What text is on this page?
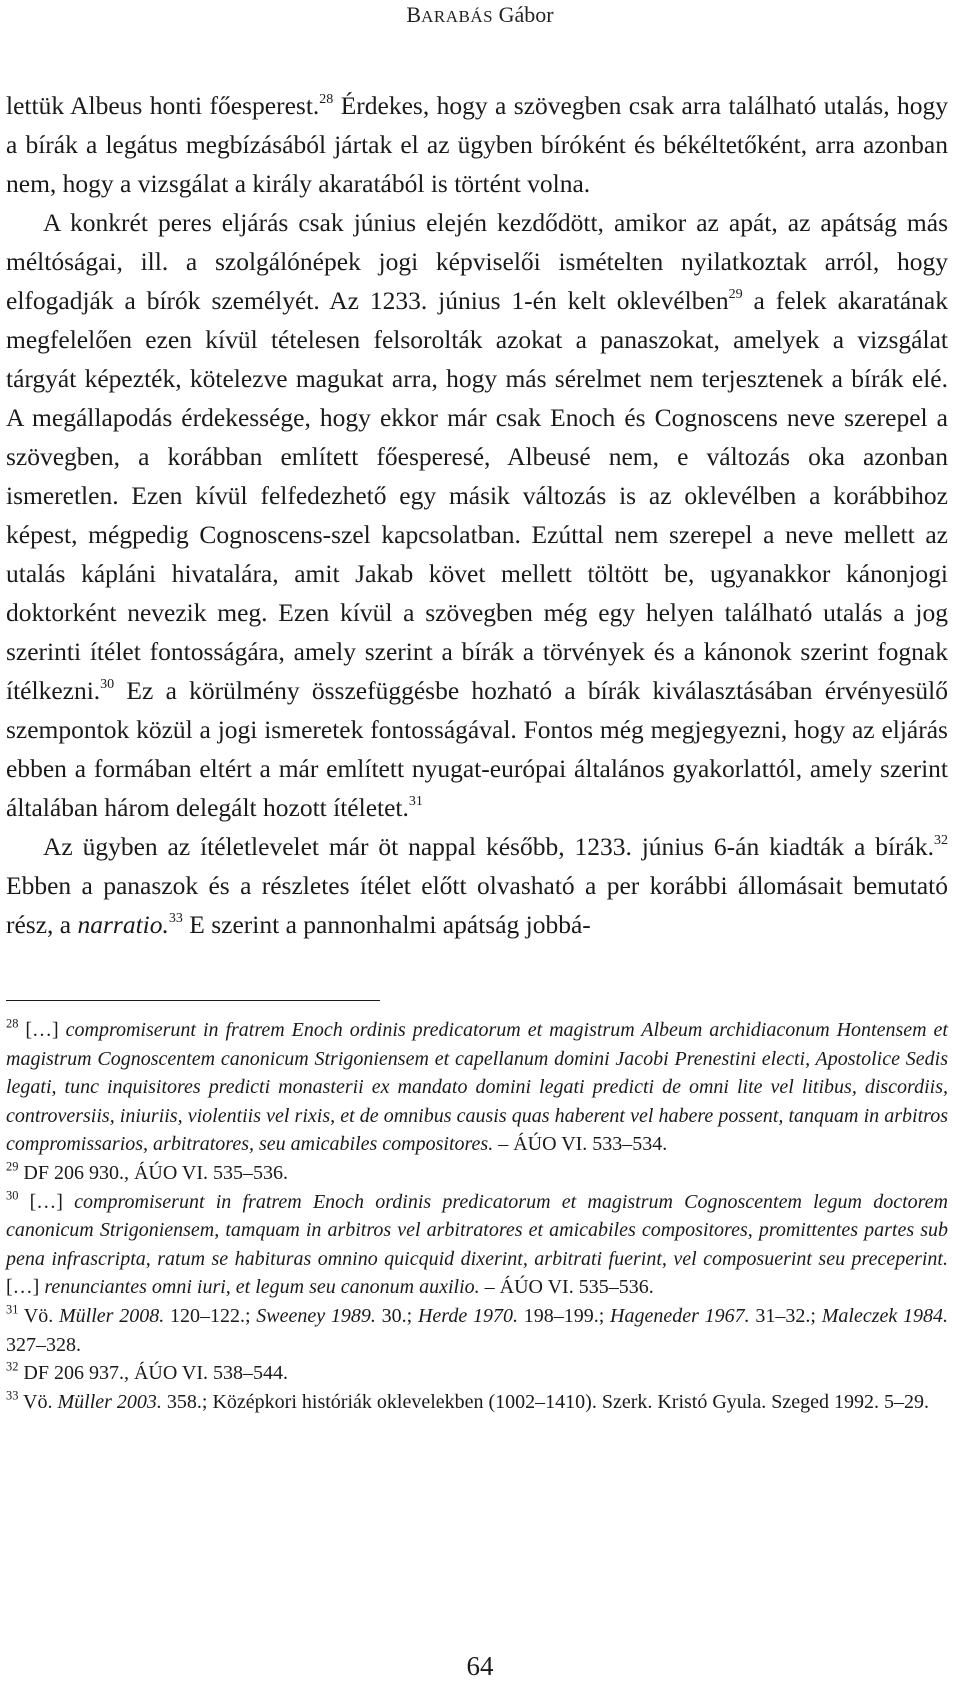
BARABÁS Gábor

lettük Albeus honti főesperest.$^{28}$ Érdekes, hogy a szövegben csak arra található utalás, hogy a bírák a legátus megbízásából jártak el az ügyben bíróként és békéltetőként, arra azonban nem, hogy a vizsgálat a király akaratából is történt volna.

A konkrét peres eljárás csak június elején kezdődött, amikor az apát, az apátság más méltóságai, ill. a szolgálónépek jogi képviselői ismételten nyilatkoztak arról, hogy elfogadják a bírók személyét. Az 1233. június 1-én kelt oklevélben$^{29}$ a felek akaratának megfelelően ezen kívül tételesen felsorolták azokat a panaszokat, amelyek a vizsgálat tárgyát képezték, kötelezve magukat arra, hogy más sérelmet nem terjesztenek a bírák elé. A megállapodás érdekessége, hogy ekkor már csak Enoch és Cognoscens neve szerepel a szövegben, a korábban említett főesperesé, Albeusé nem, e változás oka azonban ismeretlen. Ezen kívül felfedezhető egy másik változás is az oklevélben a korábbihoz képest, mégpedig Cognoscens-szel kapcsolatban. Ezúttal nem szerepel a neve mellett az utalás kápláni hivatalára, amit Jakab követ mellett töltött be, ugyanakkor kánonjogi doktorként nevezik meg. Ezen kívül a szövegben még egy helyen található utalás a jog szerinti ítélet fontosságára, amely szerint a bírák a törvények és a kánonok szerint fognak ítélkezni.$^{30}$ Ez a körülmény összefüggésbe hozható a bírák kiválasztásában érvényesülő szempontok közül a jogi ismeretek fontosságával. Fontos még megjegyezni, hogy az eljárás ebben a formában eltért a már említett nyugat-európai általános gyakorlattól, amely szerint általában három delegált hozott ítéletet.$^{31}$

Az ügyben az ítéletlevelet már öt nappal később, 1233. június 6-án kiadták a bírák.$^{32}$ Ebben a panaszok és a részletes ítélet előtt olvasható a per korábbi állomásait bemutató rész, a narratio.$^{33}$ E szerint a pannonhalmi apátság jobbá-

$^{28}$ […] compromiserunt in fratrem Enoch ordinis predicatorum et magistrum Albeum archidiaconum Hontensem et magistrum Cognoscentem canonicum Strigoniensem et capellanum domini Jacobi Prenestini electi, Apostolice Sedis legati, tunc inquisitores predicti monasterii ex mandato domini legati predicti de omni lite vel litibus, discordiis, controversiis, iniuriis, violentiis vel rixis, et de omnibus causis quas haberent vel habere possent, tanquam in arbitros compromissarios, arbitratores, seu amicabiles compositores. – ÁÚO VI. 533–534.

$^{29}$ DF 206 930., ÁÚO VI. 535–536.

$^{30}$ […] compromiserunt in fratrem Enoch ordinis predicatorum et magistrum Cognoscentem legum doctorem canonicum Strigoniensem, tamquam in arbitros vel arbitratores et amicabiles compositores, promittentes partes sub pena infrascripta, ratum se habituras omnino quicquid dixerint, arbitrati fuerint, vel composuerint seu preceperint. […] renunciantes omni iuri, et legum seu canonum auxilio. – ÁÚO VI. 535–536.

$^{31}$ Vö. Müller 2008. 120–122.; Sweeney 1989. 30.; Herde 1970. 198–199.; Hageneder 1967. 31–32.; Maleczek 1984. 327–328.

$^{32}$ DF 206 937., ÁÚO VI. 538–544.

$^{33}$ Vö. Müller 2003. 358.; Középkori históriák oklevelekben (1002–1410). Szerk. Kristó Gyula. Szeged 1992. 5–29.

64
